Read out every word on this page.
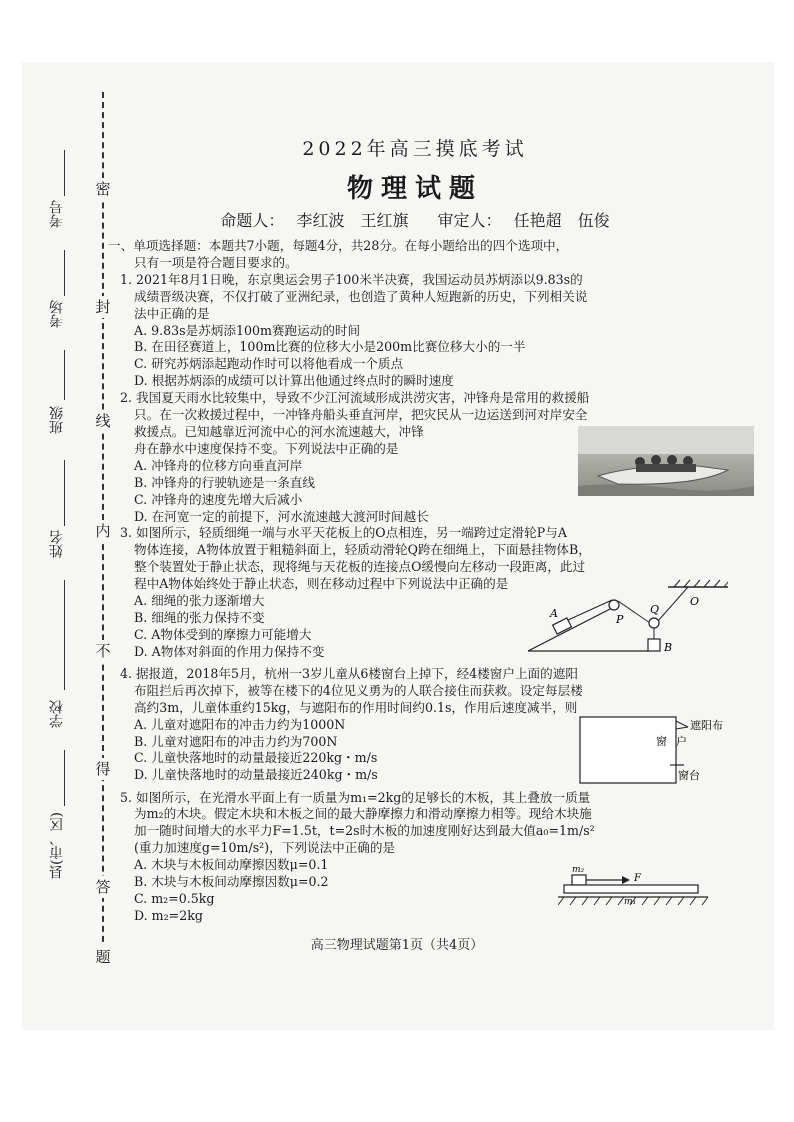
密
封
线
内
不
得
答
题
考号
考场
班级
姓名
学校
县(市、区)
2022年高三摸底考试
物理试题
命题人： 李红波　王红旗 审定人： 任艳超　伍俊

一、单项选择题：本题共7小题，每题4分，共28分。在每小题给出的四个选项中，

只有一项是符合题目要求的。

1. 2021年8月1日晚，东京奥运会男子100米半决赛，我国运动员苏炳添以9.83s的

成绩晋级决赛，不仅打破了亚洲纪录，也创造了黄种人短跑新的历史，下列相关说

法中正确的是

A. 9.83s是苏炳添100m赛跑运动的时间

B. 在田径赛道上，100m比赛的位移大小是200m比赛位移大小的一半

C. 研究苏炳添起跑动作时可以将他看成一个质点

D. 根据苏炳添的成绩可以计算出他通过终点时的瞬时速度

2. 我国夏天雨水比较集中，导致不少江河流域形成洪涝灾害，冲锋舟是常用的救援船

只。在一次救援过程中，一冲锋舟船头垂直河岸，把灾民从一边运送到河对岸安全

救援点。已知越靠近河流中心的河水流速越大，冲锋

舟在静水中速度保持不变。下列说法中正确的是

A. 冲锋舟的位移方向垂直河岸

B. 冲锋舟的行驶轨迹是一条直线

C. 冲锋舟的速度先增大后减小

D. 在河宽一定的前提下，河水流速越大渡河时间越长

3. 如图所示，轻质细绳一端与水平天花板上的O点相连，另一端跨过定滑轮P与A

物体连接，A物体放置于粗糙斜面上，轻质动滑轮Q跨在细绳上，下面悬挂物体B，

整个装置处于静止状态，现将绳与天花板的连接点O缓慢向左移动一段距离，此过

程中A物体始终处于静止状态，则在移动过程中下列说法中正确的是

A. 细绳的张力逐渐增大

B. 细绳的张力保持不变

C. A物体受到的摩擦力可能增大

D. A物体对斜面的作用力保持不变

A	P
Q
O
B

4. 据报道，2018年5月，杭州一3岁儿童从6楼窗台上掉下，经4楼窗户上面的遮阳

布阻拦后再次掉下，被等在楼下的4位见义勇为的人联合接住而获救。设定每层楼

高约3m，儿童体重约15kg，与遮阳布的作用时间约0.1s，作用后速度减半，则

A. 儿童对遮阳布的冲击力约为1000N

B. 儿童对遮阳布的冲击力约为700N

C. 儿童快落地时的动量最接近220kg・m/s

D. 儿童快落地时的动量最接近240kg・m/s

遮阳布
窗 户
窗台

5. 如图所示，在光滑水平面上有一质量为m₁=2kg的足够长的木板，其上叠放一质量

为m₂的木块。假定木块和木板之间的最大静摩擦力和滑动摩擦力相等。现给木块施

加一随时间增大的水平力F=1.5t，t=2s时木板的加速度刚好达到最大值a₀=1m/s²

(重力加速度g=10m/s²)，下列说法中正确的是

A. 木块与木板间动摩擦因数μ=0.1

B. 木块与木板间动摩擦因数μ=0.2

C. m₂=0.5kg

D. m₂=2kg

m₂
F
m₁
高三物理试题第1页（共4页）
